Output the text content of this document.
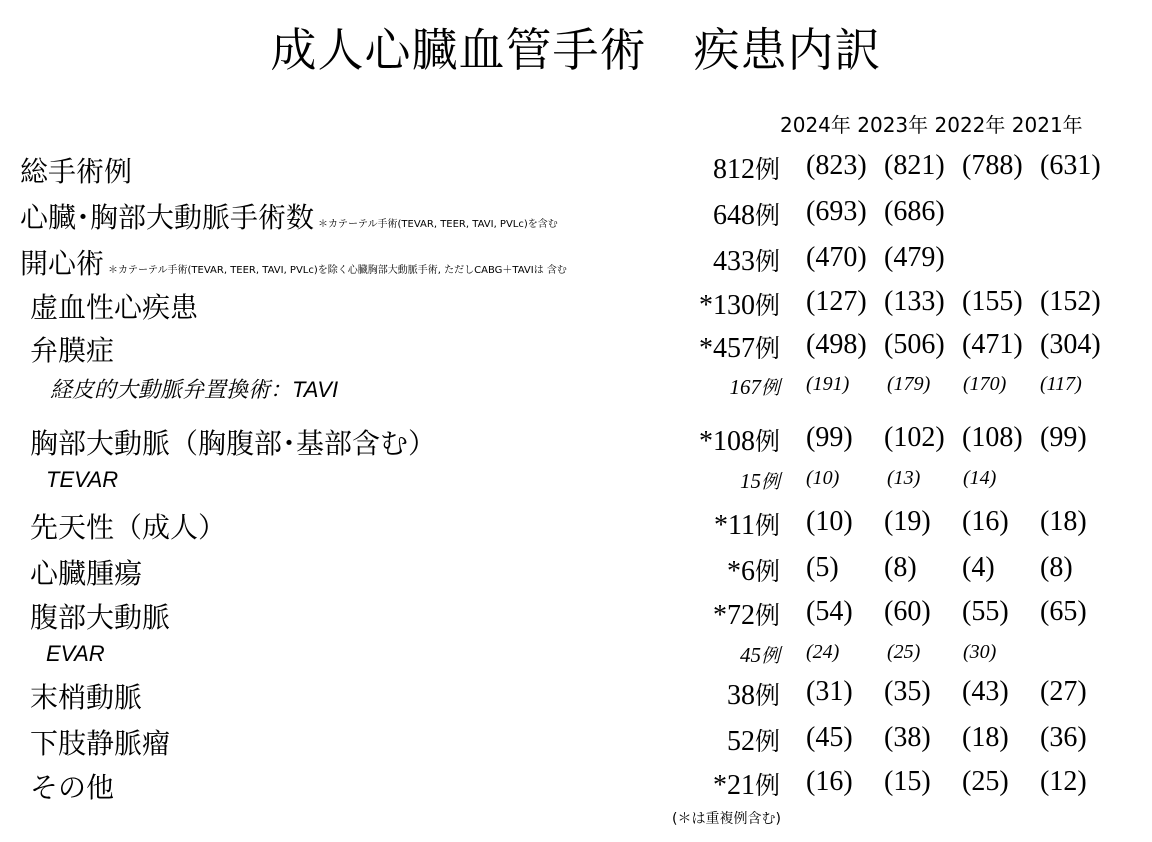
成人心臓血管手術　疾患内訳
2024年 2023年 2022年 2021年
総手術例	812例 (823) (821) (788) (631)
心臓･胸部大動脈手術数 ＊カテーテル手術(TEVAR, TEER, TAVI, PVLc)を含む	648例 (693) (686)
開心術 ＊カテーテル手術(TEVAR, TEER, TAVI, PVLc)を除く心臓胸部大動脈手術, ただしCABG＋TAVIは 含む	433例 (470) (479)
虚血性心疾患	*130例 (127) (133) (155) (152)
弁膜症	*457例 (498) (506) (471) (304)
経皮的大動脈弁置換術：TAVI	167例 (191) (179) (170) (117)
胸部大動脈（胸腹部･基部含む）	*108例 (99) (102) (108) (99)
TEVAR	15例 (10) (13) (14)
先天性（成人）	*11例 (10) (19) (16) (18)
心臓腫瘍	*6例 (5) (8) (4) (8)
腹部大動脈	*72例 (54) (60) (55) (65)
EVAR	45例 (24) (25) (30)
末梢動脈	38例 (31) (35) (43) (27)
下肢静脈瘤	52例 (45) (38) (18) (36)
その他	*21例 (16) (15) (25) (12)
(＊は重複例含む)
